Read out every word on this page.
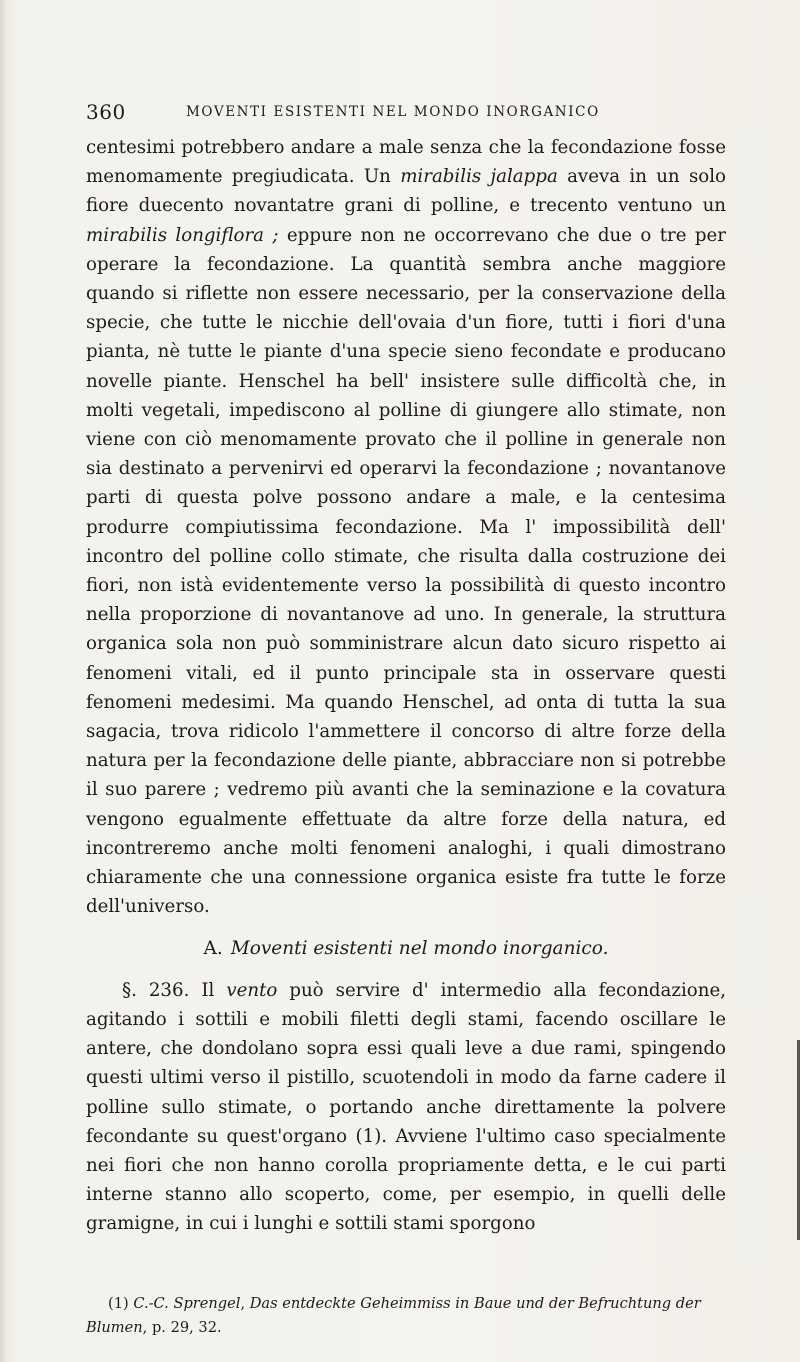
360	MOVENTI ESISTENTI NEL MONDO INORGANICO

centesimi potrebbero andare a male senza che la fecondazione fosse menomamente pregiudicata. Un mirabilis jalappa aveva in un solo fiore duecento novantatre grani di polline, e trecento ventuno un mirabilis longiflora ; eppure non ne occorrevano che due o tre per operare la fecondazione. La quantità sembra anche maggiore quando si riflette non essere necessario, per la conservazione della specie, che tutte le nicchie dell'ovaia d'un fiore, tutti i fiori d'una pianta, nè tutte le piante d'una specie sieno fecondate e producano novelle piante. Henschel ha bell' insistere sulle difficoltà che, in molti vegetali, impediscono al polline di giungere allo stimate, non viene con ciò menomamente provato che il polline in generale non sia destinato a pervenirvi ed operarvi la fecondazione ; novantanove parti di questa polve possono andare a male, e la centesima produrre compiutissima fecondazione. Ma l' impossibilità dell' incontro del polline collo stimate, che risulta dalla costruzione dei fiori, non istà evidentemente verso la possibilità di questo incontro nella proporzione di novantanove ad uno. In generale, la struttura organica sola non può somministrare alcun dato sicuro rispetto ai fenomeni vitali, ed il punto principale sta in osservare questi fenomeni medesimi. Ma quando Henschel, ad onta di tutta la sua sagacia, trova ridicolo l'ammettere il concorso di altre forze della natura per la fecondazione delle piante, abbracciare non si potrebbe il suo parere ; vedremo più avanti che la seminazione e la covatura vengono egualmente effettuate da altre forze della natura, ed incontreremo anche molti fenomeni analoghi, i quali dimostrano chiaramente che una connessione organica esiste fra tutte le forze dell'universo.

A. Moventi esistenti nel mondo inorganico.

§. 236. Il vento può servire d' intermedio alla fecondazione, agitando i sottili e mobili filetti degli stami, facendo oscillare le antere, che dondolano sopra essi quali leve a due rami, spingendo questi ultimi verso il pistillo, scuotendoli in modo da farne cadere il polline sullo stimate, o portando anche direttamente la polvere fecondante su quest'organo (1). Avviene l'ultimo caso specialmente nei fiori che non hanno corolla propriamente detta, e le cui parti interne stanno allo scoperto, come, per esempio, in quelli delle gramigne, in cui i lunghi e sottili stami sporgono

(1) C.-C. Sprengel, Das entdeckte Geheimmiss in Baue und der Befruchtung der Blumen, p. 29, 32.
